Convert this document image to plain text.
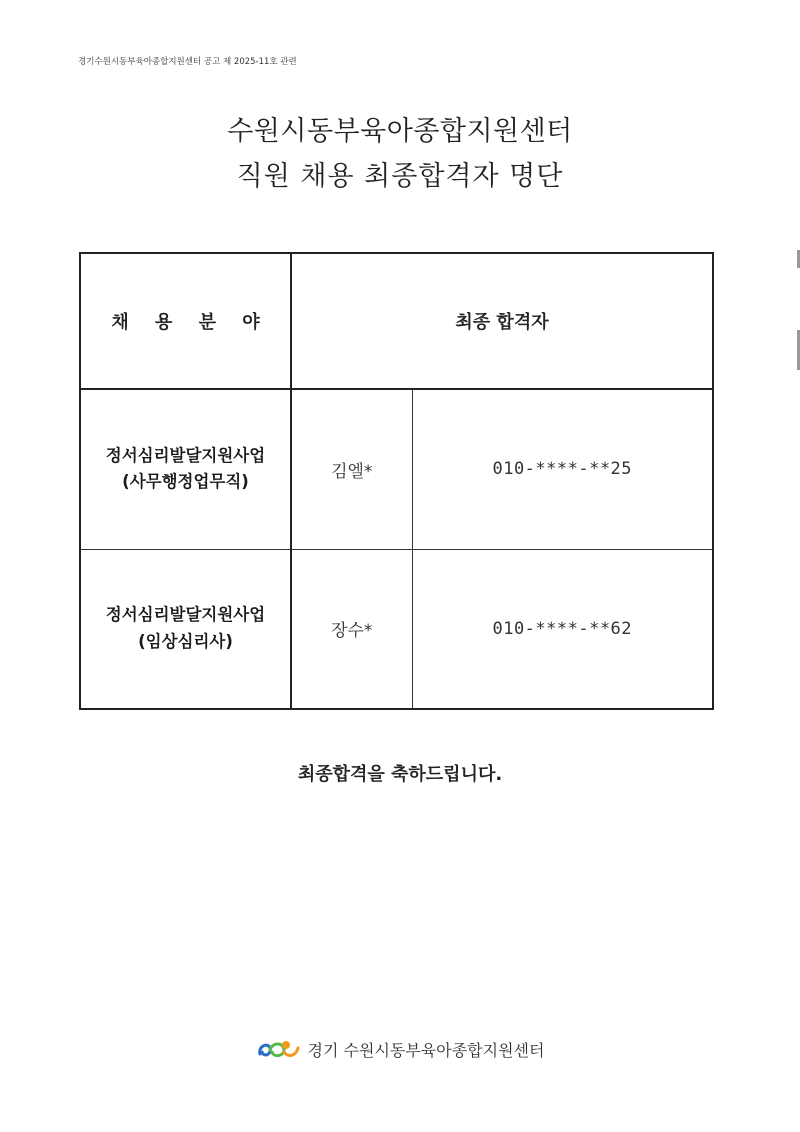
경기수원시동부육아종합지원센터 공고 제 2025-11호 관련
수원시동부육아종합지원센터
직원 채용 최종합격자 명단
채 용 분 야	최종 합격자	

정서심리발달지원사업
(사무행정업무직)	김엘*	010-****-**25

정서심리발달지원사업
(임상심리사)	장수*	010-****-**62
최종합격을 축하드립니다.
경기 수원시동부육아종합지원센터
